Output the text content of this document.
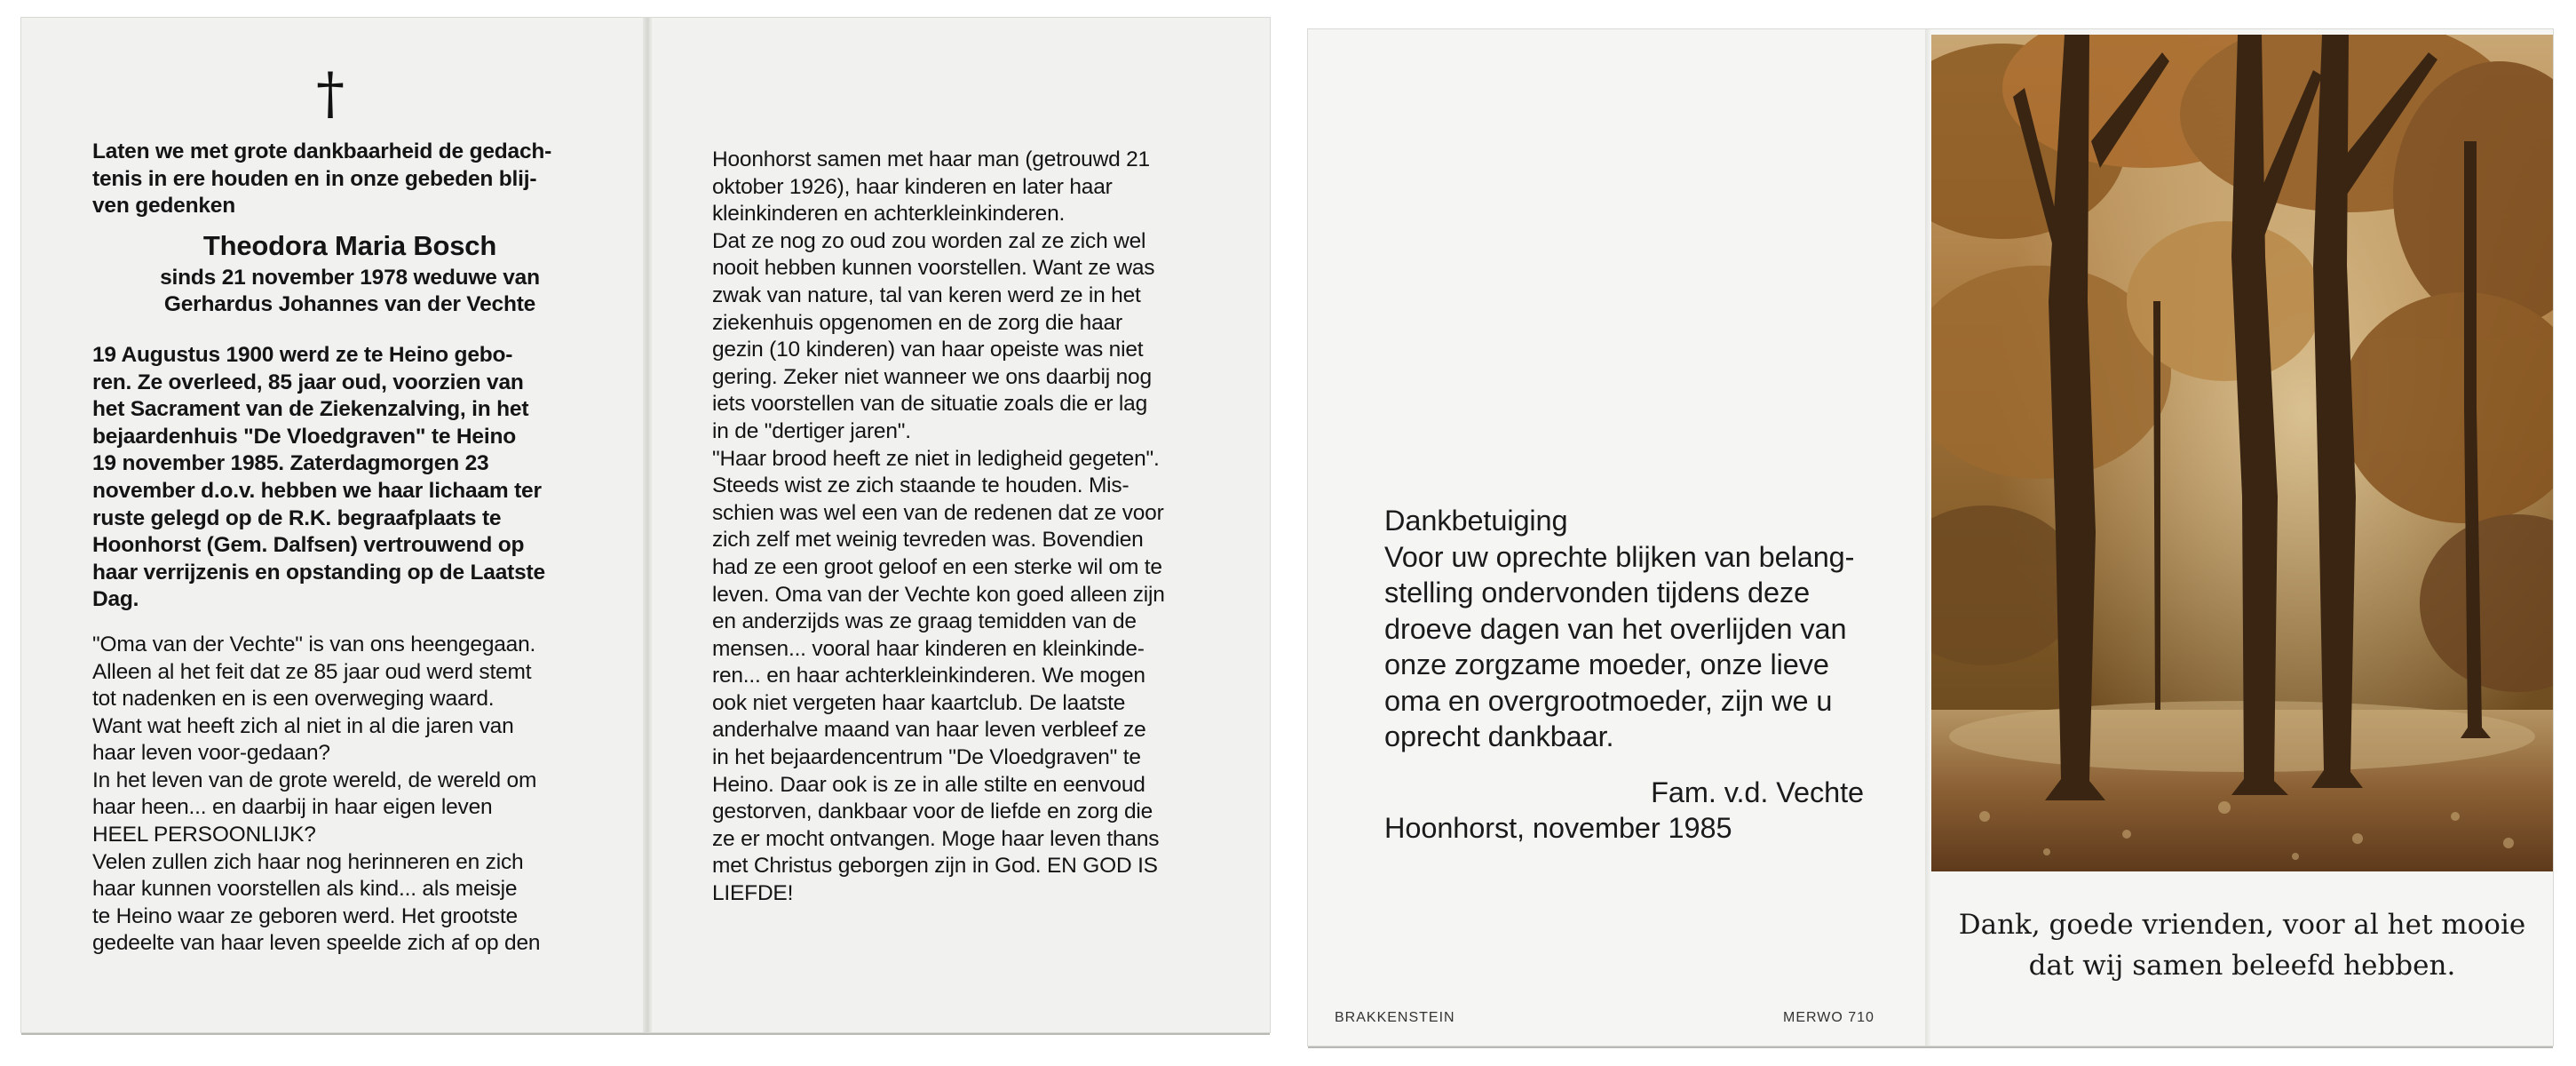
†

Laten we met grote dankbaarheid de gedach-

tenis in ere houden en in onze gebeden blij-

ven gedenken

Theodora Maria Bosch

sinds 21 november 1978 weduwe van

Gerhardus Johannes van der Vechte

19 Augustus 1900 werd ze te Heino gebo-

ren. Ze overleed, 85 jaar oud, voorzien van

het Sacrament van de Ziekenzalving, in het

bejaardenhuis "De Vloedgraven" te Heino

19 november 1985. Zaterdagmorgen 23

november d.o.v. hebben we haar lichaam ter

ruste gelegd op de R.K. begraafplaats te

Hoonhorst (Gem. Dalfsen) vertrouwend op

haar verrijzenis en opstanding op de Laatste

Dag.

"Oma van der Vechte" is van ons heengegaan.

Alleen al het feit dat ze 85 jaar oud werd stemt

tot nadenken en is een overweging waard.

Want wat heeft zich al niet in al die jaren van

haar leven voor-gedaan?

In het leven van de grote wereld, de wereld om

haar heen... en daarbij in haar eigen leven

HEEL PERSOONLIJK?

Velen zullen zich haar nog herinneren en zich

haar kunnen voorstellen als kind... als meisje

te Heino waar ze geboren werd. Het grootste

gedeelte van haar leven speelde zich af op den

Hoonhorst samen met haar man (getrouwd 21

oktober 1926), haar kinderen en later haar

kleinkinderen en achterkleinkinderen.

Dat ze nog zo oud zou worden zal ze zich wel

nooit hebben kunnen voorstellen. Want ze was

zwak van nature, tal van keren werd ze in het

ziekenhuis opgenomen en de zorg die haar

gezin (10 kinderen) van haar opeiste was niet

gering. Zeker niet wanneer we ons daarbij nog

iets voorstellen van de situatie zoals die er lag

in de "dertiger jaren".

"Haar brood heeft ze niet in ledigheid gegeten".

Steeds wist ze zich staande te houden. Mis-

schien was wel een van de redenen dat ze voor

zich zelf met weinig tevreden was. Bovendien

had ze een groot geloof en een sterke wil om te

leven. Oma van der Vechte kon goed alleen zijn

en anderzijds was ze graag temidden van de

mensen... vooral haar kinderen en kleinkinde-

ren... en haar achterkleinkinderen. We mogen

ook niet vergeten haar kaartclub. De laatste

anderhalve maand van haar leven verbleef ze

in het bejaardencentrum "De Vloedgraven" te

Heino. Daar ook is ze in alle stilte en eenvoud

gestorven, dankbaar voor de liefde en zorg die

ze er mocht ontvangen. Moge haar leven thans

met Christus geborgen zijn in God. EN GOD IS

LIEFDE!

Dankbetuiging

Voor uw oprechte blijken van belang-

stelling ondervonden tijdens deze

droeve dagen van het overlijden van

onze zorgzame moeder, onze lieve

oma en overgrootmoeder, zijn we u

oprecht dankbaar.

Fam. v.d. Vechte

Hoonhorst, november 1985

BRAKKENSTEIN	MERWO 710

Dank, goede vrienden, voor al het mooie

dat wij samen beleefd hebben.
